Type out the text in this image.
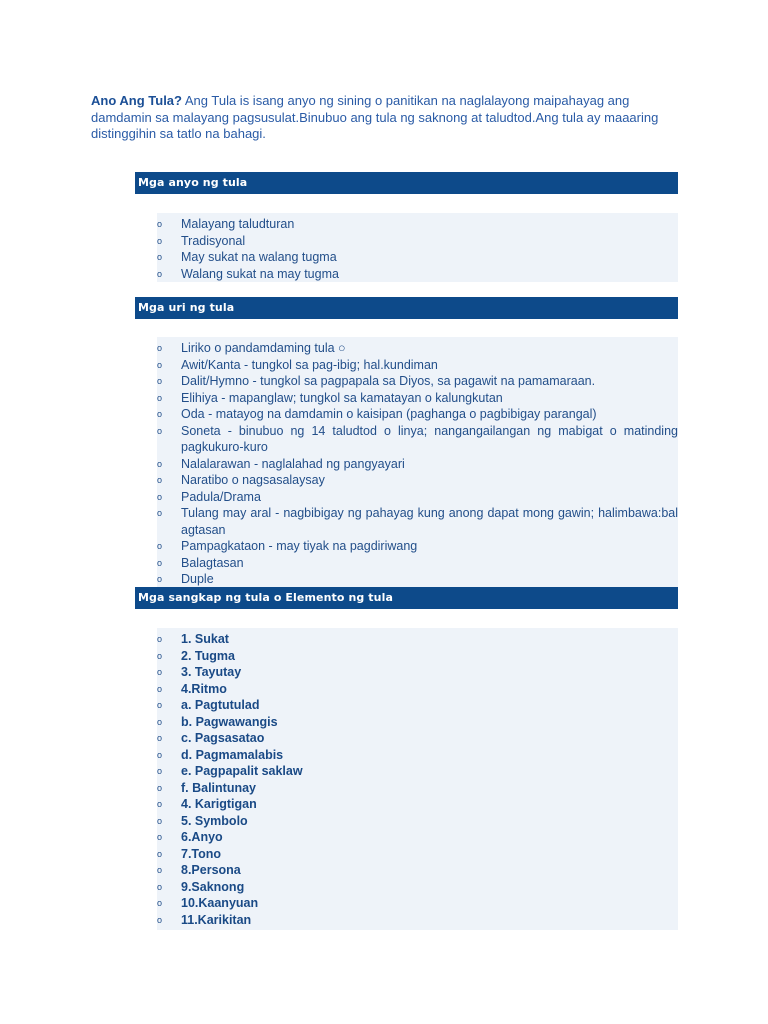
Ano Ang Tula? Ang Tula is isang anyo ng sining o panitikan na naglalayong maipahayag ang damdamin sa malayang pagsusulat.Binubuo ang tula ng saknong at taludtod.Ang tula ay maaaring distinggihin sa tatlo na bahagi.

Mga anyo ng tula
o Malayang taludturan
o Tradisyonal
o May sukat na walang tugma
o Walang sukat na may tugma
Mga uri ng tula
o Liriko o pandamdaming tula ○
o Awit/Kanta - tungkol sa pag-ibig; hal.kundiman
o Dalit/Hymno - tungkol sa pagpapala sa Diyos, sa pagawit na pamamaraan.
o Elihiya - mapanglaw; tungkol sa kamatayan o kalungkutan
o Oda - matayog na damdamin o kaisipan (paghanga o pagbibigay parangal)
o Soneta - binubuo ng 14 taludtod o linya; nangangailangan ng mabigat o matinding pagkukuro-kuro
o Nalalarawan - naglalahad ng pangyayari
o Naratibo o nagsasalaysay
o Padula/Drama
o Tulang may aral - nagbibigay ng pahayag kung anong dapat mong gawin; halimbawa:bal agtasan
o Pampagkataon - may tiyak na pagdiriwang
o Balagtasan
o Duple
Mga sangkap ng tula o Elemento ng tula
o 1. Sukat
o 2. Tugma
o 3. Tayutay
o 4.Ritmo
o a. Pagtutulad
o b. Pagwawangis
o c. Pagsasatao
o d. Pagmamalabis
o e. Pagpapalit saklaw
o f. Balintunay
o 4. Karigtigan
o 5. Symbolo
o 6.Anyo
o 7.Tono
o 8.Persona
o 9.Saknong
o 10.Kaanyuan
o 11.Karikitan
